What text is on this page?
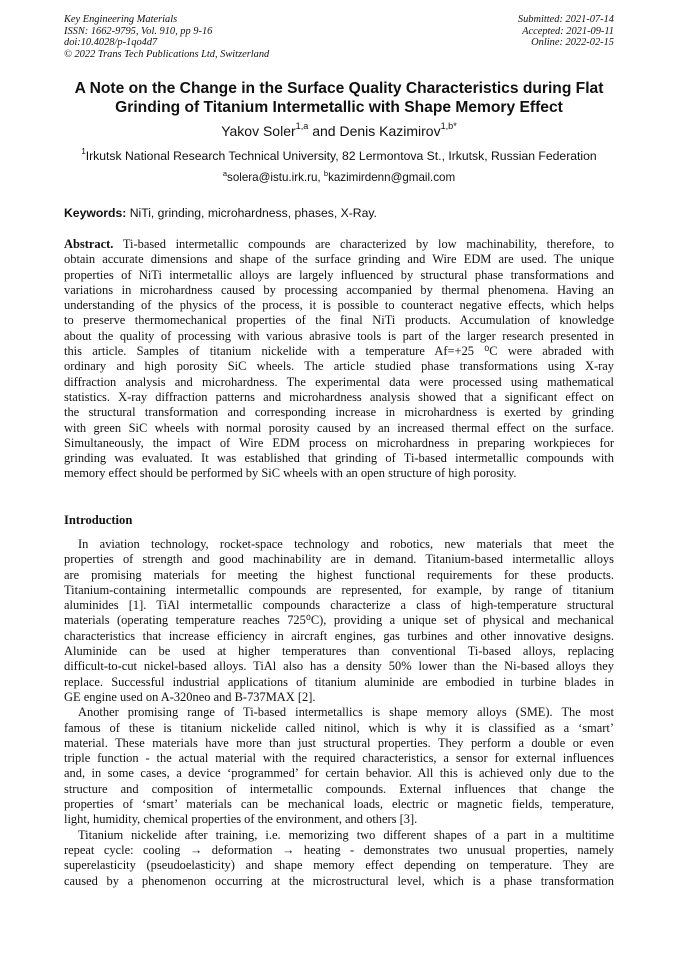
Key Engineering Materials
ISSN: 1662-9795, Vol. 910, pp 9-16
doi:10.4028/p-1qo4d7
© 2022 Trans Tech Publications Ltd, Switzerland
Submitted: 2021-07-14
Accepted: 2021-09-11
Online: 2022-02-15
A Note on the Change in the Surface Quality Characteristics during Flat Grinding of Titanium Intermetallic with Shape Memory Effect
Yakov Soler$^{1,a}$ and Denis Kazimirov$^{1,b*}$
$^1$Irkutsk National Research Technical University, 82 Lermontova St., Irkutsk, Russian Federation
$^a$solera@istu.irk.ru, $^b$kazimirdenn@gmail.com
Keywords: NiTi, grinding, microhardness, phases, X-Ray.
Abstract. Ti-based intermetallic compounds are characterized by low machinability, therefore, to
obtain accurate dimensions and shape of the surface grinding and Wire EDM are used. The unique
properties of NiTi intermetallic alloys are largely influenced by structural phase transformations and
variations in microhardness caused by processing accompanied by thermal phenomena. Having an
understanding of the physics of the process, it is possible to counteract negative effects, which helps
to preserve thermomechanical properties of the final NiTi products. Accumulation of knowledge
about the quality of processing with various abrasive tools is part of the larger research presented in
this article. Samples of titanium nickelide with a temperature Af=+25 ⁰C were abraded with
ordinary and high porosity SiC wheels. The article studied phase transformations using X-ray
diffraction analysis and microhardness. The experimental data were processed using mathematical
statistics. X-ray diffraction patterns and microhardness analysis showed that a significant effect on
the structural transformation and corresponding increase in microhardness is exerted by grinding
with green SiC wheels with normal porosity caused by an increased thermal effect on the surface.
Simultaneously, the impact of Wire EDM process on microhardness in preparing workpieces for
grinding was evaluated. It was established that grinding of Ti-based intermetallic compounds with
memory effect should be performed by SiC wheels with an open structure of high porosity.
Introduction
In aviation technology, rocket-space technology and robotics, new materials that meet the
properties of strength and good machinability are in demand. Titanium-based intermetallic alloys
are promising materials for meeting the highest functional requirements for these products.
Titanium-containing intermetallic compounds are represented, for example, by range of titanium
aluminides [1]. TiAl intermetallic compounds characterize a class of high-temperature structural
materials (operating temperature reaches 725⁰C), providing a unique set of physical and mechanical
characteristics that increase efficiency in aircraft engines, gas turbines and other innovative designs.
Aluminide can be used at higher temperatures than conventional Ti-based alloys, replacing
difficult-to-cut nickel-based alloys. TiAl also has a density 50% lower than the Ni-based alloys they
replace. Successful industrial applications of titanium aluminide are embodied in turbine blades in
GE engine used on A-320neo and B-737MAX [2].
Another promising range of Ti-based intermetallics is shape memory alloys (SME). The most
famous of these is titanium nickelide called nitinol, which is why it is classified as a ‘smart’
material. These materials have more than just structural properties. They perform a double or even
triple function - the actual material with the required characteristics, a sensor for external influences
and, in some cases, a device ‘programmed’ for certain behavior. All this is achieved only due to the
structure and composition of intermetallic compounds. External influences that change the
properties of ‘smart’ materials can be mechanical loads, electric or magnetic fields, temperature,
light, humidity, chemical properties of the environment, and others [3].
Titanium nickelide after training, i.e. memorizing two different shapes of a part in a multitime
repeat cycle: cooling → deformation → heating - demonstrates two unusual properties, namely
superelasticity (pseudoelasticity) and shape memory effect depending on temperature. They are
caused by a phenomenon occurring at the microstructural level, which is a phase transformation
